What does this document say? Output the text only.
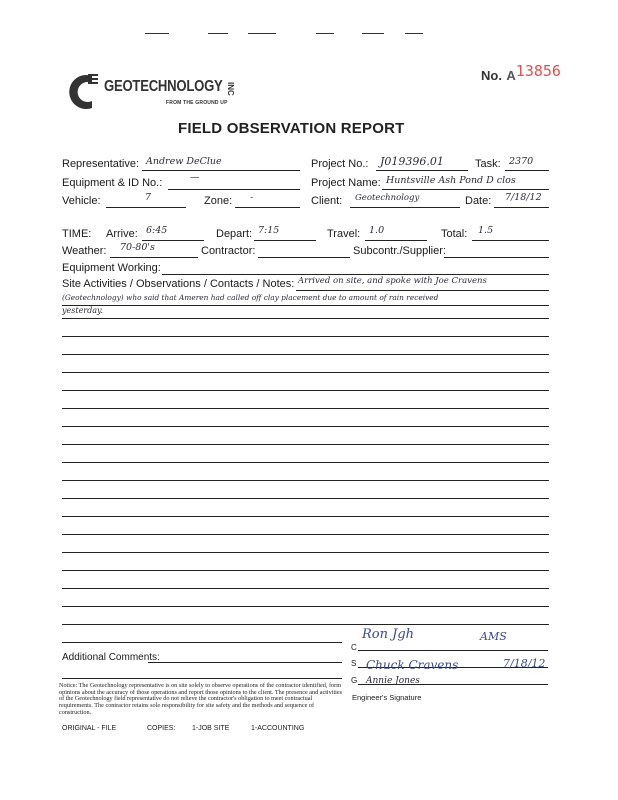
GEOTECHNOLOGY INC
FROM THE GROUND UP
No. A13856
FIELD OBSERVATION REPORT
Representative: Andrew DeClue	Project No.: J019396.01	Task: 2370
Equipment & ID No.:	—	Project Name: Huntsville Ash Pond D clos
Vehicle:	7	Zone: -	Client: Geotechnology	Date: 7/18/12
TIME: Arrive: 6:45	Depart: 7:15	Travel: 1.0	Total: 1.5
Weather: 70-80's	Contractor:	Subcontr./Supplier:
Equipment Working:
Site Activities / Observations / Contacts / Notes: Arrived on site, and spoke with Joe Cravens
(Geotechnology) who said that Ameren had called off clay placement due to amount of rain received
yesterday.
Additional Comments:
C
S
G
Ron Jgh	AMS
Chuck Cravens	7/18/12
Annie Jones
Engineer's Signature
Notice: The Geotechnology representative is on site solely to observe operations of the contractor identified, form opinions about the accuracy of those operations and report those opinions to the client. The presence and activities of the Geotechnology field representative do not relieve the contractor's obligation to meet contractual requirements. The contractor retains sole responsibility for site safety and the methods and sequence of construction.
ORIGINAL - FILE	COPIES: 1-JOB SITE	1-ACCOUNTING
